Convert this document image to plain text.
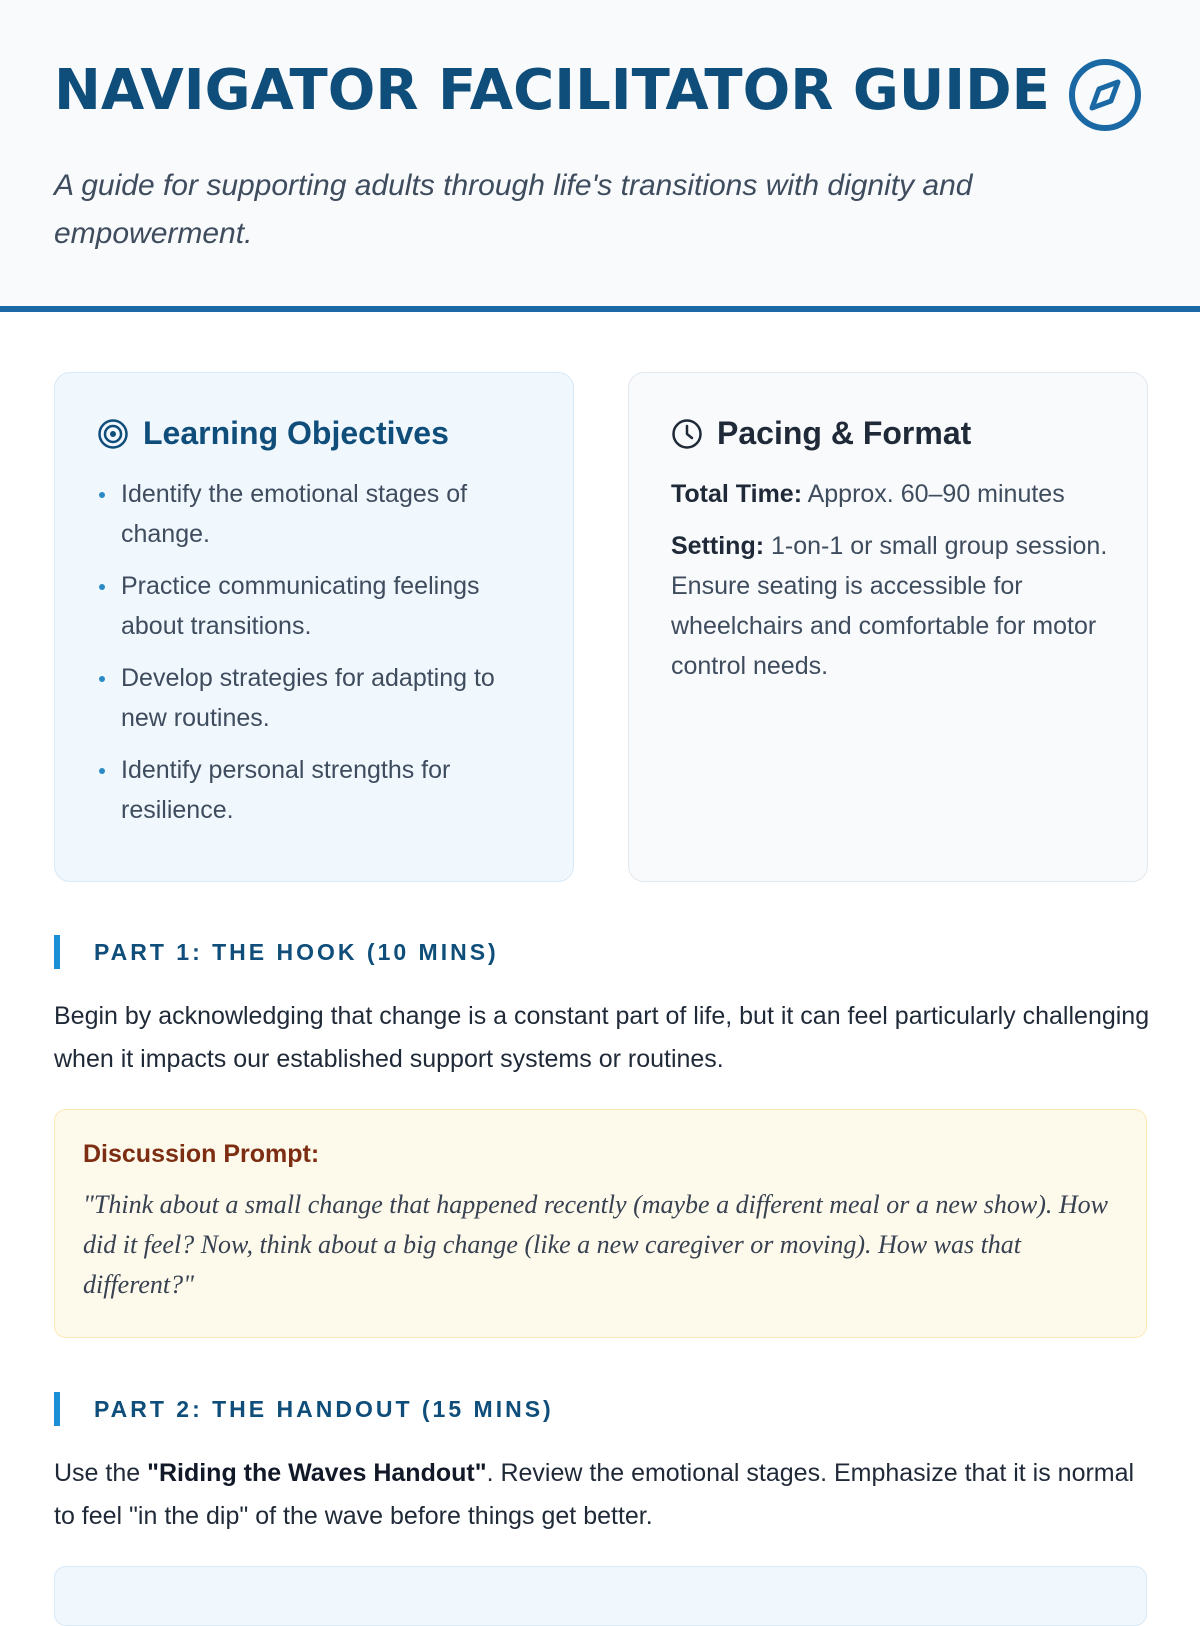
NAVIGATOR FACILITATOR GUIDE
A guide for supporting adults through life's transitions with dignity and empowerment.
Learning Objectives
Identify the emotional stages of change.
Practice communicating feelings about transitions.
Develop strategies for adapting to new routines.
Identify personal strengths for resilience.
Pacing & Format

Total Time: Approx. 60–90 minutes

Setting: 1-on-1 or small group session. Ensure seating is accessible for wheelchairs and comfortable for motor control needs.

PART 1: THE HOOK (10 MINS)

Begin by acknowledging that change is a constant part of life, but it can feel particularly challenging when it impacts our established support systems or routines.

Discussion Prompt:
"Think about a small change that happened recently (maybe a different meal or a new show). How did it feel? Now, think about a big change (like a new caregiver or moving). How was that different?"
PART 2: THE HANDOUT (15 MINS)

Use the "Riding the Waves Handout". Review the emotional stages. Emphasize that it is normal to feel "in the dip" of the wave before things get better.
